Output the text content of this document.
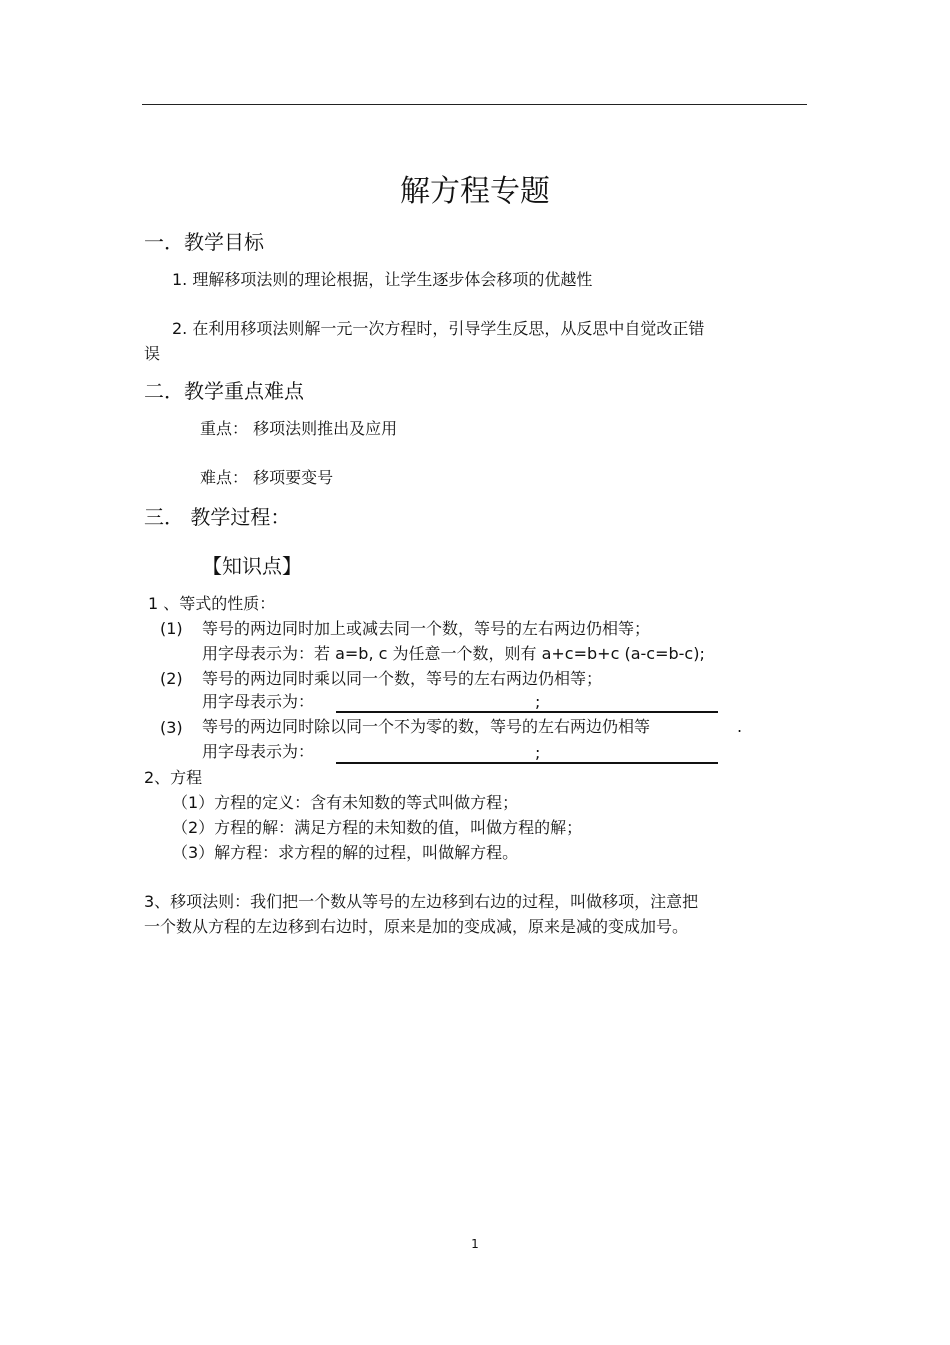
解方程专题
一．教学目标
1. 理解移项法则的理论根据，让学生逐步体会移项的优越性
2. 在利用移项法则解一元一次方程时，引导学生反思，从反思中自觉改正错
误
二．教学重点难点
重点： 移项法则推出及应用
难点： 移项要变号
三． 教学过程：
【知识点】
1 、等式的性质：
(1) 等号的两边同时加上或减去同一个数，等号的左右两边仍相等；
用字母表示为：若 a=b, c 为任意一个数，则有 a+c=b+c (a-c=b-c);
(2) 等号的两边同时乘以同一个数，等号的左右两边仍相等；
用字母表示为：	;
(3) 等号的两边同时除以同一个不为零的数，等号的左右两边仍相等	.
用字母表示为：	;
2、方程
（1）方程的定义：含有未知数的等式叫做方程；
（2）方程的解：满足方程的未知数的值，叫做方程的解；
（3）解方程：求方程的解的过程，叫做解方程。
3、移项法则：我们把一个数从等号的左边移到右边的过程，叫做移项，注意把
一个数从方程的左边移到右边时，原来是加的变成减，原来是减的变成加号。
1
